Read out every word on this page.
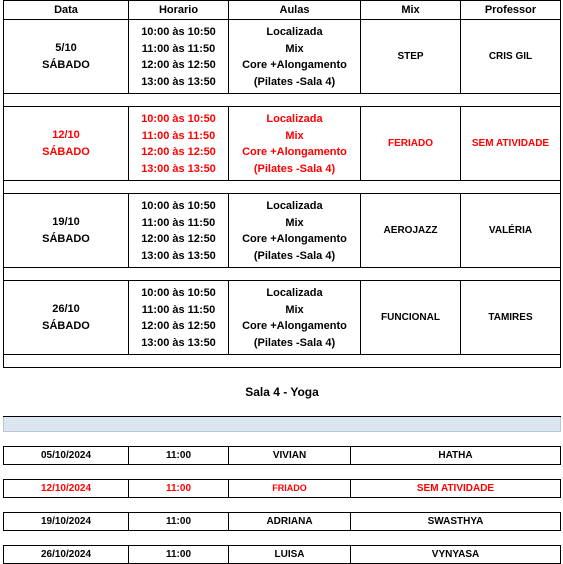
Data	Horario	Aulas	Mix	Professor
5/10
SÁBADO	10:00 às 10:50
11:00 às 11:50
12:00 às 12:50
13:00 às 13:50	Localizada
Mix
Core +Alongamento
(Pilates -Sala 4)	STEP	CRIS GIL

12/10
SÁBADO	10:00 às 10:50
11:00 às 11:50
12:00 às 12:50
13:00 às 13:50	Localizada
Mix
Core +Alongamento
(Pilates -Sala 4)	FERIADO	SEM ATIVIDADE

19/10
SÁBADO	10:00 às 10:50
11:00 às 11:50
12:00 às 12:50
13:00 às 13:50	Localizada
Mix
Core +Alongamento
(Pilates -Sala 4)	AEROJAZZ	VALÉRIA

26/10
SÁBADO	10:00 às 10:50
11:00 às 11:50
12:00 às 12:50
13:00 às 13:50	Localizada
Mix
Core +Alongamento
(Pilates -Sala 4)	FUNCIONAL	TAMIRES

Sala 4 - Yoga				

05/10/2024	11:00	VIVIAN	HATHA

12/10/2024	11:00	FRIADO	SEM ATIVIDADE

19/10/2024	11:00	ADRIANA	SWASTHYA

26/10/2024	11:00	LUISA	VYNYASA
